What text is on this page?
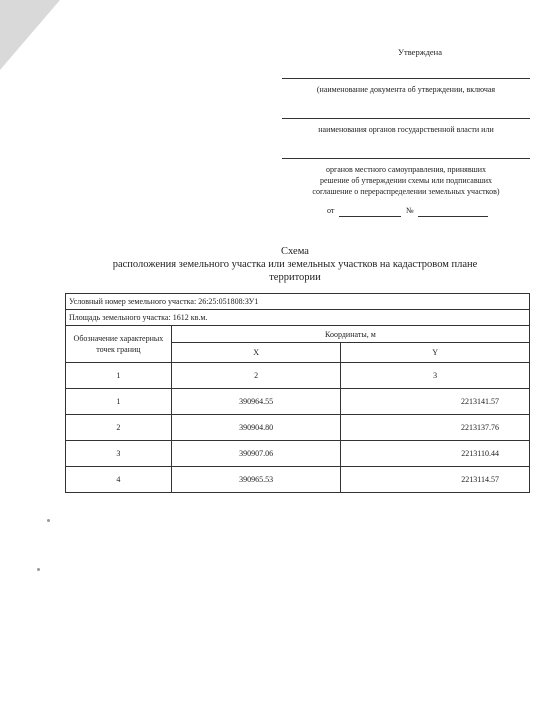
Утверждена
(наименование документа об утверждении, включая
наименования органов государственной власти или
органов местного самоуправления, принявших
решение об утверждении схемы или подписавших
соглашение о перераспределении земельных участков)
от	№
Схема
расположения земельного участка или земельных участков на кадастровом плане
территории
Условный номер земельного участка: 26:25:051808:ЗУ1		
Площадь земельного участка: 1612 кв.м.		
Обозначение характерных точек границ	Координаты, м	
	X	Y
1	2	3
1	390964.55	2213141.57
2	390904.80	2213137.76
3	390907.06	2213110.44
4	390965.53	2213114.57
